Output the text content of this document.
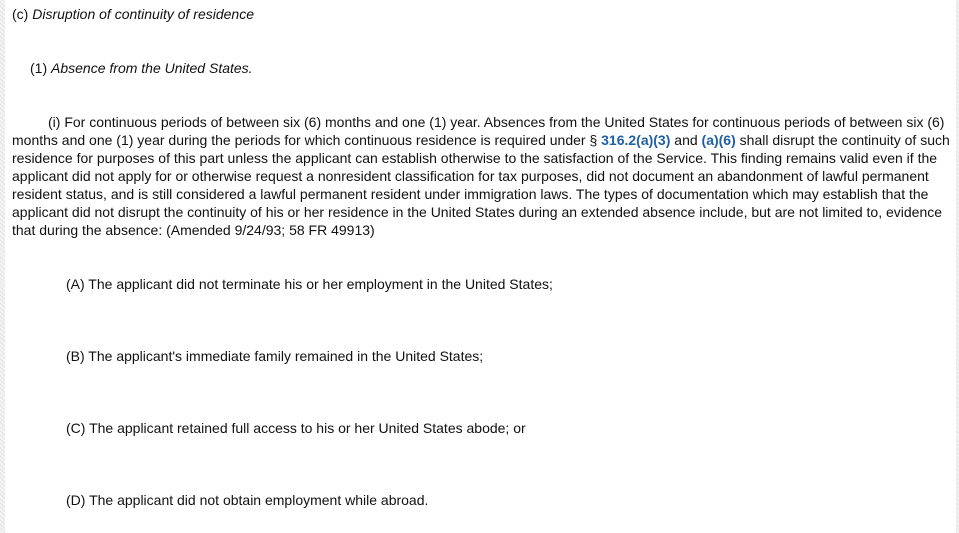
(c) Disruption of continuity of residence
(1) Absence from the United States.

(i) For continuous periods of between six (6) months and one (1) year. Absences from the United States for continuous periods of between six (6) months and one (1) year during the periods for which continuous residence is required under § 316.2(a)(3) and (a)(6) shall disrupt the continuity of such residence for purposes of this part unless the applicant can establish otherwise to the satisfaction of the Service. This finding remains valid even if the applicant did not apply for or otherwise request a nonresident classification for tax purposes, did not document an abandonment of lawful permanent resident status, and is still considered a lawful permanent resident under immigration laws. The types of documentation which may establish that the applicant did not disrupt the continuity of his or her residence in the United States during an extended absence include, but are not limited to, evidence that during the absence: (Amended 9/24/93; 58 FR 49913)

(A) The applicant did not terminate his or her employment in the United States;
(B) The applicant's immediate family remained in the United States;
(C) The applicant retained full access to his or her United States abode; or
(D) The applicant did not obtain employment while abroad.
